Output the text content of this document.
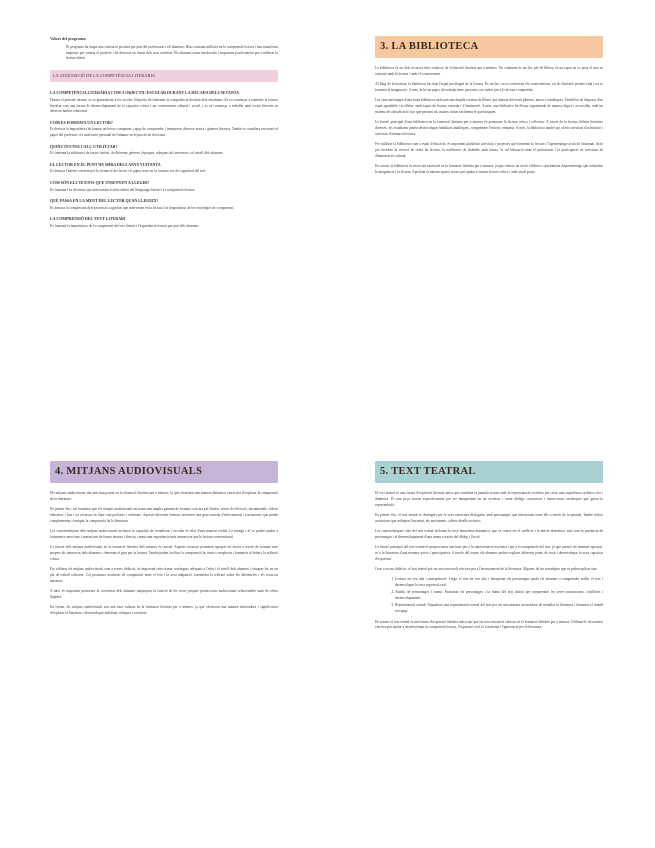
Valors del programa:

El programa ha tingut una valoració positiva per part del professorat i els alumnes. Han constatat millores en la comprensió lectora i han manifestat empenys per valorar el projecte i fer destacar en fossin dels seus resultats. Els alumnes estan involucrats i responsen positivament per a millorar la lectura diària.

LA ADQUISICIÓ DE LA COMPETÈNCIA LITERÀRIA
LA COMPETÈNCIA LITERÀRIA COM A OBJECTIU ESCOLAR DURANT LA DÈCADA DELS SETANTA

Durant el període setanta, es va generalitzar a les escoles l'objectiu de fomentar la competència literària dels estudiants. Es va començar a entendre la lectura literària com una forma de desenvolupament de la capacitat crítica i un coneixement cultural i social, i es va començar a treballar amb textos literaris en diversos àmbits educatius.

COM ES FORMAVA UN LECTOR?

Es destaca la importància de formar un lector competent, capaç de comprendre i interpretar diversos textos i gèneres literaris. També es considera necessari el paper del professor i la motivació personal de l'alumne en el procés de la lectura.

QUINS TEXTOS CALÇ UTILITZAR?

Es fomenta la utilització de textos variats, de diferents gèneres i èpoques, adequats als interessos i el nivell dels alumnes.

EL LECTOR EN EL PUNT DE MIRA DELS ANYS VUITANTA

Es destaca l'interès creixent per la formació del lector i el paper actiu en la construcció del significat del text.

COM SÓN ELS TEXTOS QUE ENSENYEN A LLEGIR?

Es fomenta l'ús de textos que afavoreixin la descoberta del llenguatge literari i la comprensió lectora.

QUÈ PASSA EN LA MENT DEL LECTOR QUAN LLEGEIX?

Es destaca la complexitat dels processos cognitius que intervenen en la lectura i la importància de les estratègies de comprensió.

LA COMPRENSIÓ DEL TEXT LITERARI

Es fomenta la importància de la comprensió del text literari i l'experiència lectora per part dels alumnes.

3. LA BIBLIOTECA

La biblioteca és un dels recursos més valuosos de l'educació literària per a menors. No solament és un lloc ple de llibres, és un espai on es posa el nen en contacte amb la lectura i amb el coneixement.

Al llarg de la història, la biblioteca ha estat l'espai privilegiat de la lectura. És un lloc on es conserven els coneixements, on les històries prenen vida i on es fomenta la imaginació. A més, hi ha un paper de trobada entre persones i un indret per a la lectura compartida.

Les característiques d'una bona biblioteca inclouen una àmplia varietat de llibres que abastin diferents gèneres, autors i temàtiques. També ha de disposar d'un espai agradable i acollidor, amb espais de lectura comoda i il·luminació. A més, una biblioteca ha d'estar organitzada de manera lògica i accessible, amb un sistema de classificació clar que permeti als usuaris trobar fàcilment el que busquen.

La funció principal d'una biblioteca en la formació literària per a menors és promoure la lectura crítica i reflexiva. A través de la lectura d'obres literàries diverses, els estudiants poden desenvolupar habilitats analítiques, comprendre l'entorn i empatia. A més, la biblioteca també pot oferir activitats d'orientació i activitats d'animació lectora.

Per millorar la biblioteca com a espai d'educació, és important planificar activitats i projectes que fomentin la lectura i l'aprenentatge actiu de l'alumnat. Això pot incloure la creació de clubs de lectura, la realització de trobades amb autors, la col·laboració amb el professorat i la participació en activitats de dinamització cultural.

En resum, la biblioteca és un recurs essencial en la formació literària per a menors, ja que ofereix un accés a llibres i oportunitats d'aprenentatge que estimulen la imaginació i la lectura. Aprofitar al màxim aquest recurs pot ajudar a formar lectors crítics i amb sentit propi.

4. MITJANS AUDIOVISUALS

Els mitjans audiovisuals són una eina potent en la formació literària per a menors, ja que ofereixen una manera dinàmica i atractiva d'explorar la comprensió de la literatura.

En primer lloc, cal esmentar que els mitjans audiovisuals inclouen una àmplia gamma de formats com ara pel·lícules, sèries de televisió, documentals, vídeos educatius i fins i tot recursos en línia com podcasts i webinars. Aquests diferents formats ofereixen una gran varietat d'enfocaments i tractaments que poden complementar i enriquir la comprensió de la literatura.

Les característiques dels mitjans audiovisuals inclouen la capacitat de visualitzar i escoltar el relat d'una manera vívida. La imatge i el so poden ajudar a transmetre emocions i sensacions de forma intensa i directa, creant una experiència més immersiva que la lectura convencional.

La funció dels mitjans audiovisuals en la formació literària dels menors és crucial. Aquests recursos permeten apropar els textos a través de formats més propers als interessos dels alumnes i fomentar el gust per la lectura. També poden facilitar la comprensió de textos complexos i fomentar el debat i la reflexió crítica.

Per utilitzar els mitjans audiovisuals com a recurs didàctic, és important seleccionar continguts adequats a l'edat i al nivell dels alumnes i integrar-los en un pla de treball coherent. Cal promoure activitats de comparació entre el text i la seva adaptació, fomentant la reflexió sobre les diferències i els recursos narratius.

A més, és important promoure la creativitat dels alumnes mitjançant la creació de les seves pròpies produccions audiovisuals relacionades amb les obres llegides.

En resum, els mitjans audiovisuals són una eina valuosa en la formació literària per a menors, ja que ofereixen una manera motivadora i significativa d'explorar la literatura i desenvolupar habilitats crítiques i creatives.

5. TEXT TEATRAL

El text teatral és una forma d'expressió literària única que combina la paraula escrita amb la representació escènica per crear una experiència artística rica i dinàmica. És una peça escrita específicament per ser interpretada en un escenari i conté diàlegs, acotacions i instruccions escèniques que guien la representació.

En primer lloc, el text teatral es distingeix per la seva estructura dialogada, amb personatges que interactuen entre ells a través de la paraula. També inclou acotacions que indiquen l'escenari, els moviments i altres detalls escènics.

Les característiques clau del text teatral inclouen la seva naturalesa dramàtica, que se centra en el conflicte i la tensió dramàtica, així com la presència de personatges i el desenvolupament d'una trama a través del diàleg i l'acció.

La funció principal del text teatral és proporcionar una base per a la representació escènica i per a la comprensió del text, ja que permet als alumnes apropar-se a la literatura d'una manera activa i participativa. A través del teatre, els alumnes poden explorar diferents punts de vista i desenvolupar la seva capacitat d'expressió.

Com a recurs didàctic, el text teatral pot ser una eina molt efectiva per a l'ensenyament de la literatura. Algunes de les estratègies que es poden aplicar són:

1. Lectura en veu alta i interpretació: Llegir el text en veu alta i interpretar els personatges ajuda els alumnes a comprendre millor el text i desenvolupar la seva expressió oral.
2. Anàlisi de personatges i trama: Examinar els personatges i la trama del text teatral per comprendre les seves motivacions, conflictes i desenvolupament.
3. Representació teatral: Organitzar una representació teatral del text pot ser una manera motivadora de treballar la literatura i fomentar el treball en equip.

En resum, el text teatral és una forma d'expressió literària única que pot ser una eina molt valuosa en la formació literària per a menors. Utilitzar-lo de manera efectiva pot ajudar a desenvolupar la comprensió lectora, l'expressió oral, la creativitat i l'apreciació per la literatura.
